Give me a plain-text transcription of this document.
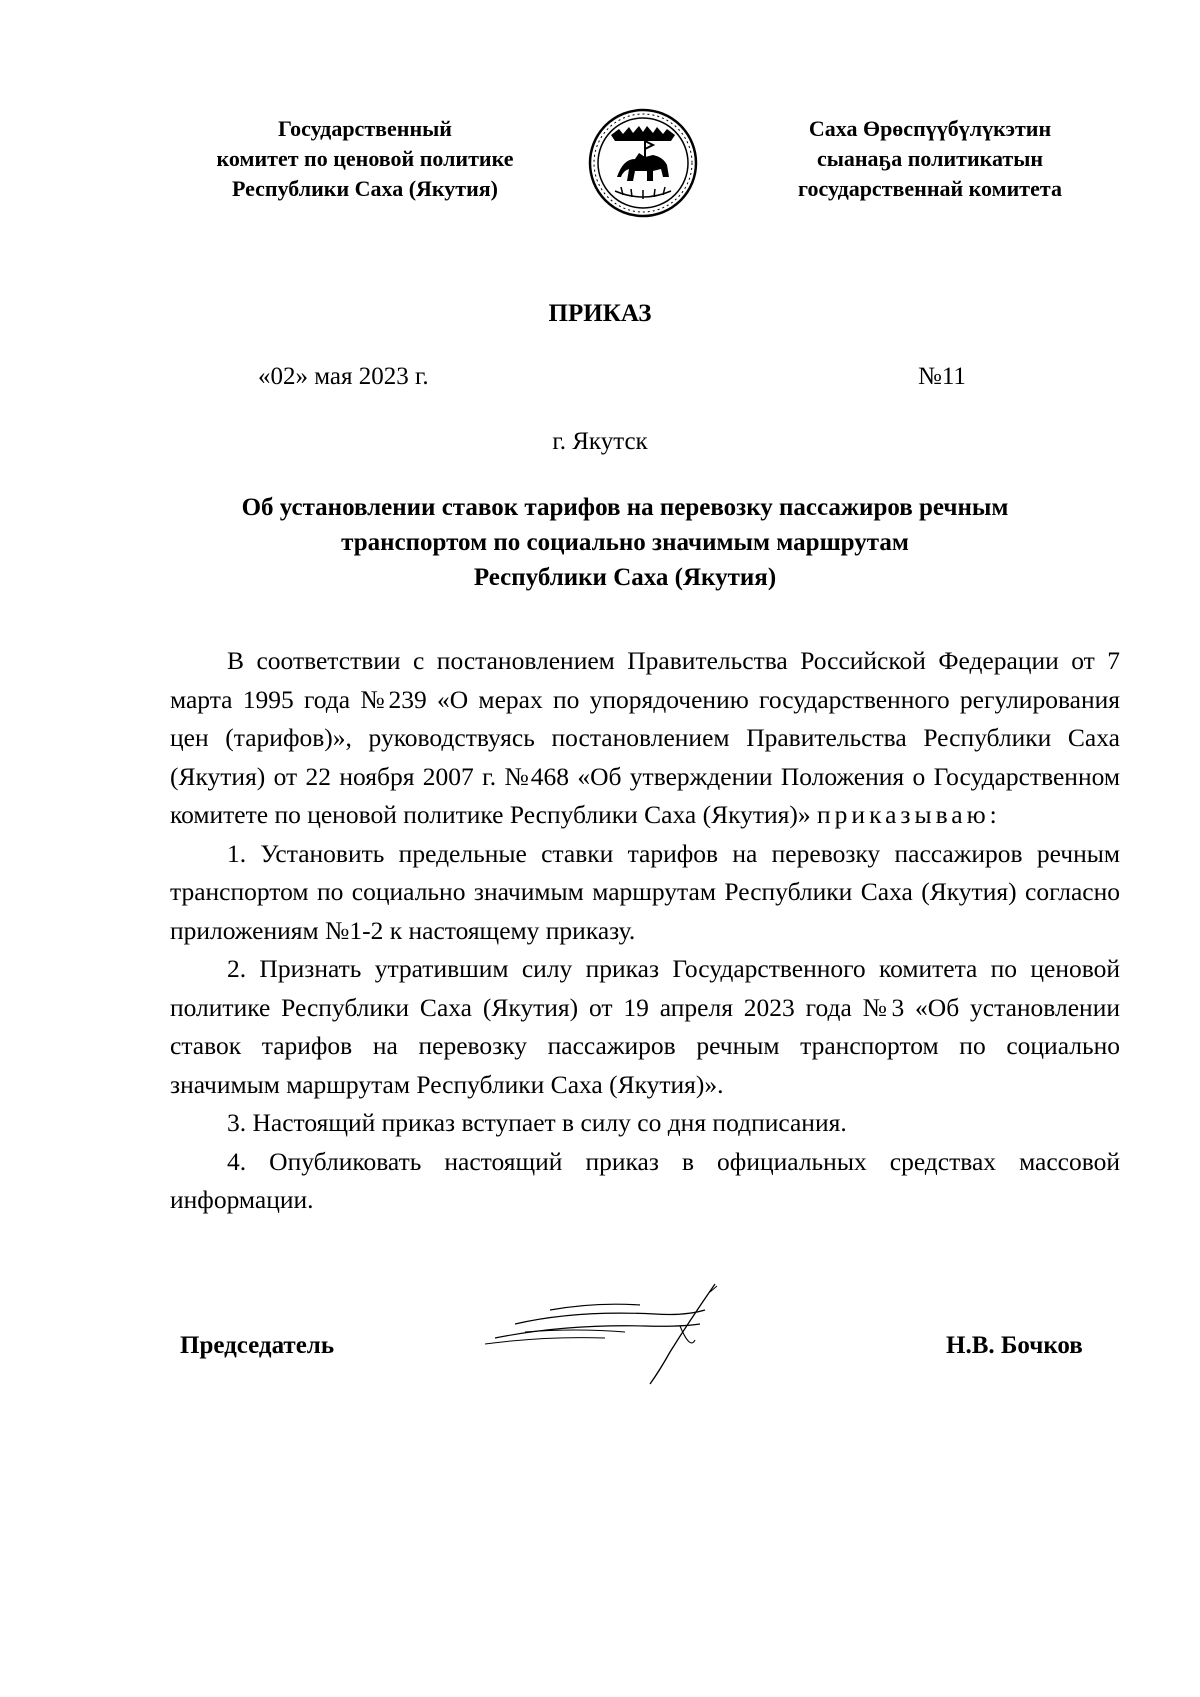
Государственный
комитет по ценовой политике
Республики Саха (Якутия)
Саха Өрөспүүбүлүкэтин
сыанаҕа политикатын
государственнай комитета
ПРИКАЗ
«02» мая 2023 г.	№11
г. Якутск
Об установлении ставок тарифов на перевозку пассажиров речным
транспортом по социально значимым маршрутам
Республики Саха (Якутия)

В соответствии с постановлением Правительства Российской Федерации от 7 марта 1995 года №239 «О мерах по упорядочению государственного регулирования цен (тарифов)», руководствуясь постановлением Правительства Республики Саха (Якутия) от 22 ноября 2007 г. №468 «Об утверждении Положения о Государственном комитете по ценовой политике Республики Саха (Якутия)» приказываю:

1. Установить предельные ставки тарифов на перевозку пассажиров речным транспортом по социально значимым маршрутам Республики Саха (Якутия) согласно приложениям №1-2 к настоящему приказу.

2. Признать утратившим силу приказ Государственного комитета по ценовой политике Республики Саха (Якутия) от 19 апреля 2023 года №3 «Об установлении ставок тарифов на перевозку пассажиров речным транспортом по социально значимым маршрутам Республики Саха (Якутия)».

3. Настоящий приказ вступает в силу со дня подписания.

4. Опубликовать настоящий приказ в официальных средствах массовой информации.

Председатель	Н.В. Бочков
